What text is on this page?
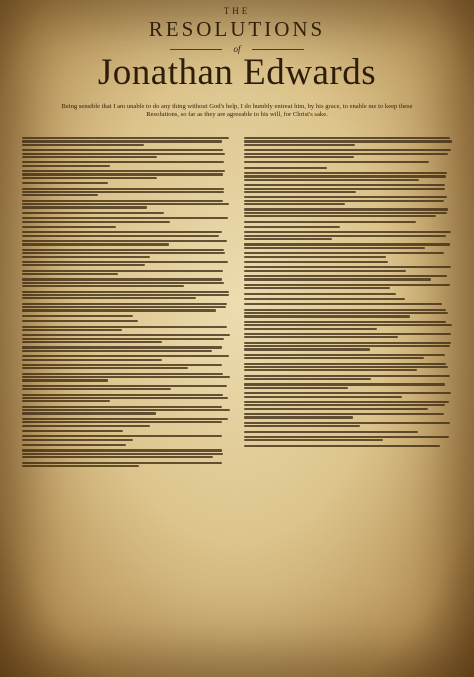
THE
RESOLUTIONS
of
Jonathan Edwards
Being sensible that I am unable to do any thing without God's help, I do humbly entreat him, by his grace, to enable me to keep these Resolutions, so far as they are agreeable to his will, for Christ's sake.
